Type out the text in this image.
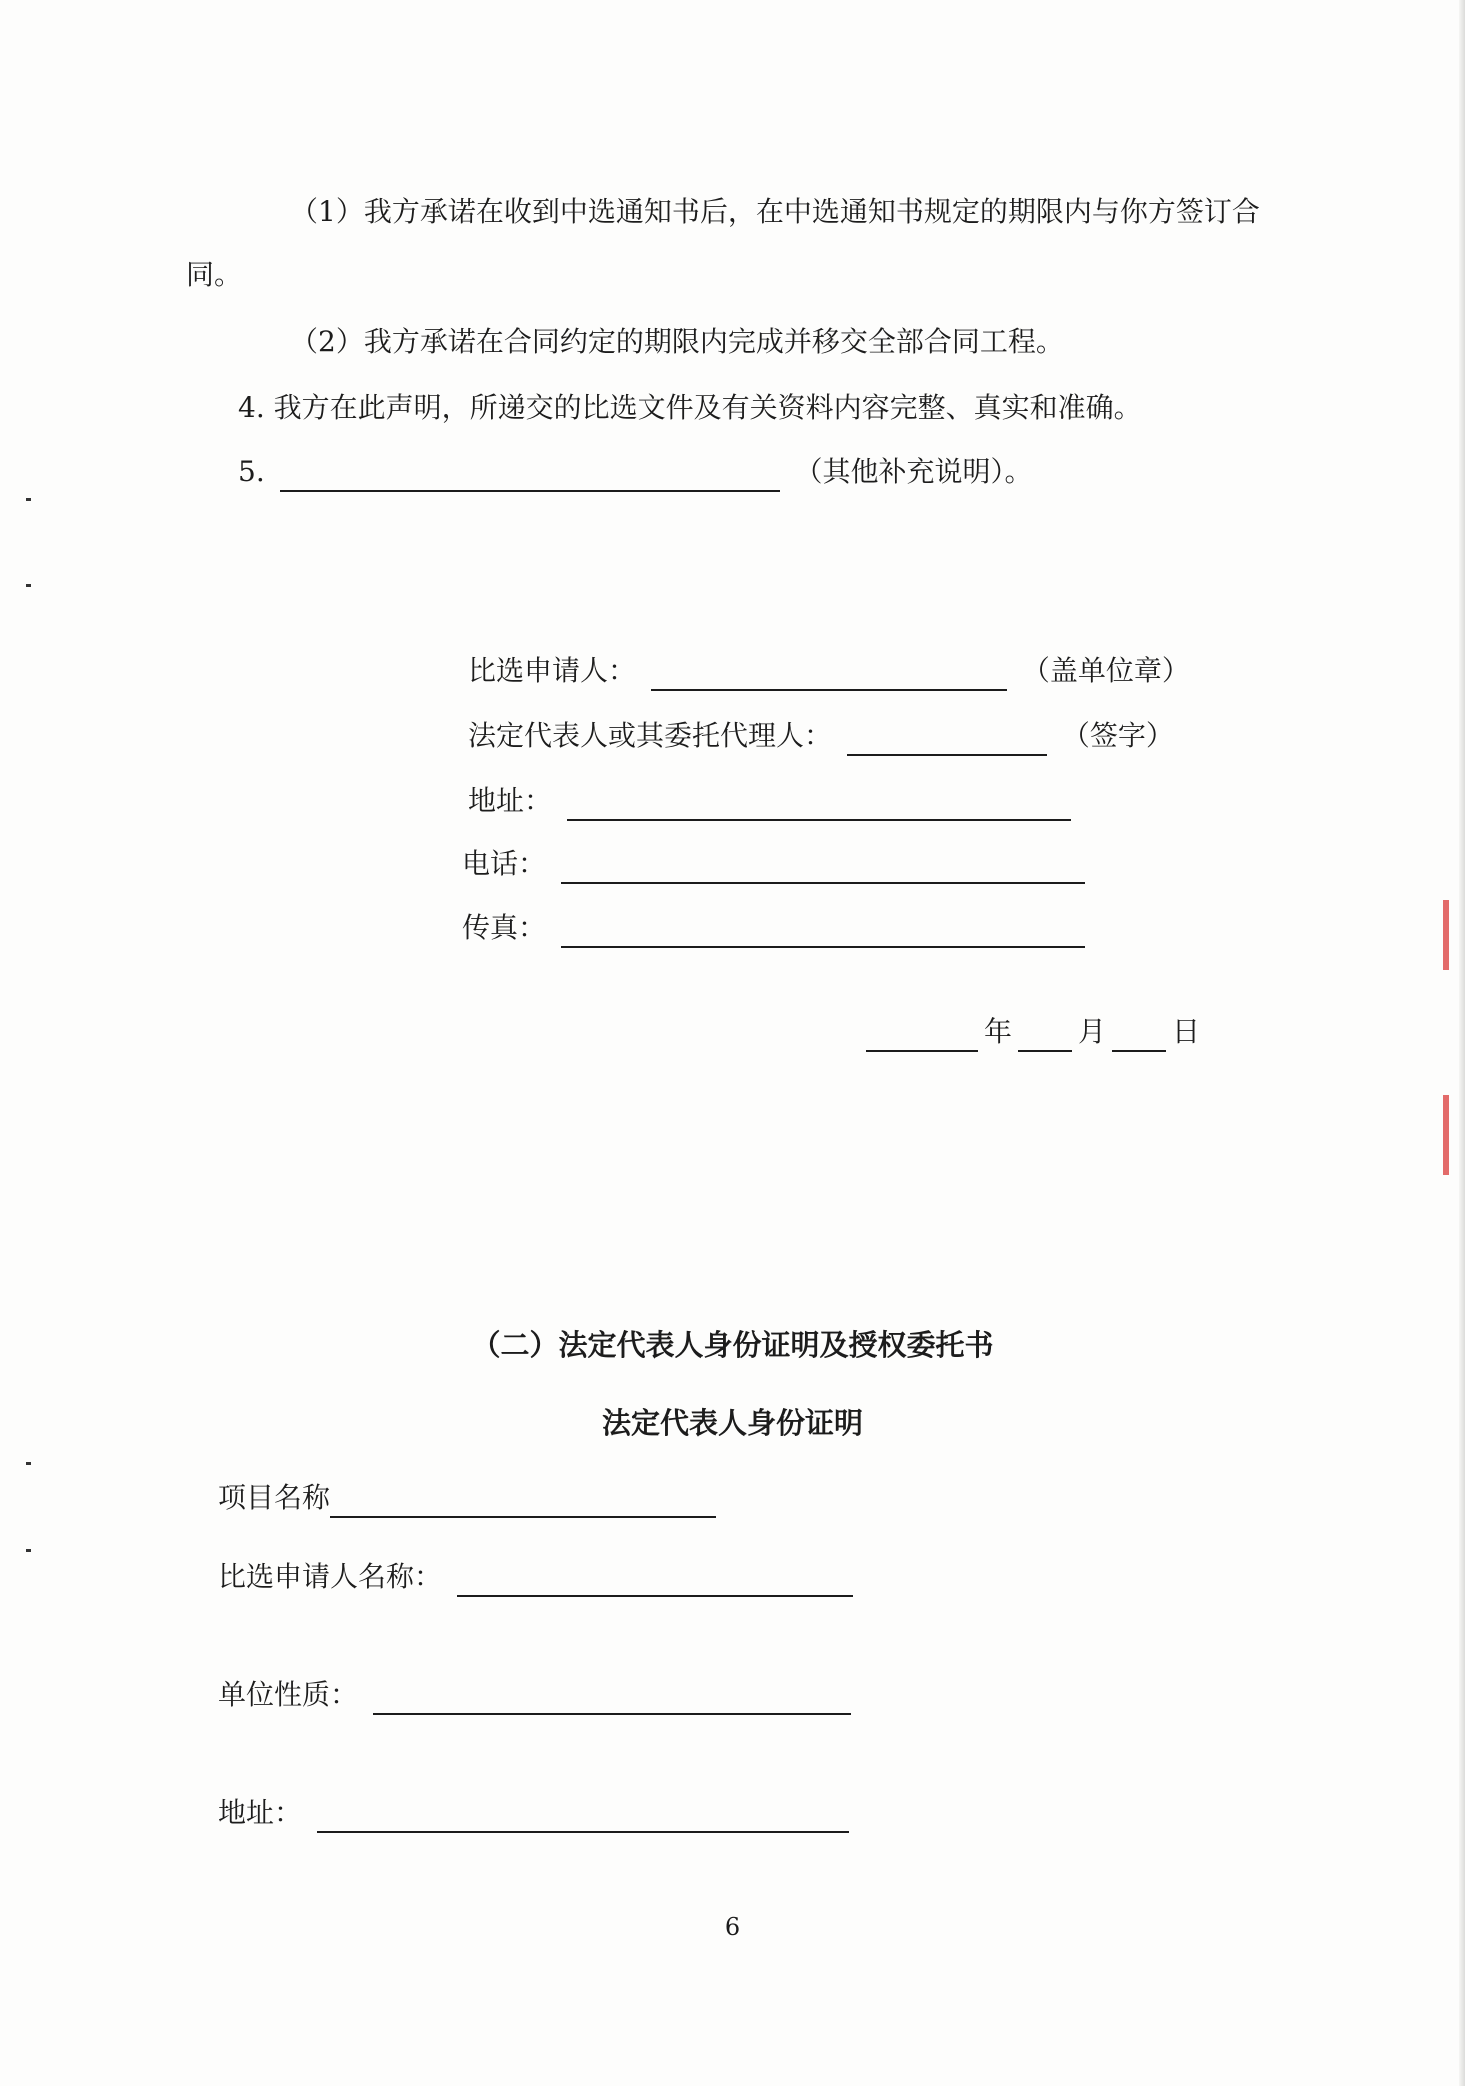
（1）我方承诺在收到中选通知书后，在中选通知书规定的期限内与你方签订合
同。
（2）我方承诺在合同约定的期限内完成并移交全部合同工程。
4. 我方在此声明，所递交的比选文件及有关资料内容完整、真实和准确。
5.	（其他补充说明）。
比选申请人：	（盖单位章）
法定代表人或其委托代理人：	（签字）
地址：
电话：
传真：
年 月 日
（二）法定代表人身份证明及授权委托书
法定代表人身份证明
项目名称
比选申请人名称：
单位性质：
地址：
6
